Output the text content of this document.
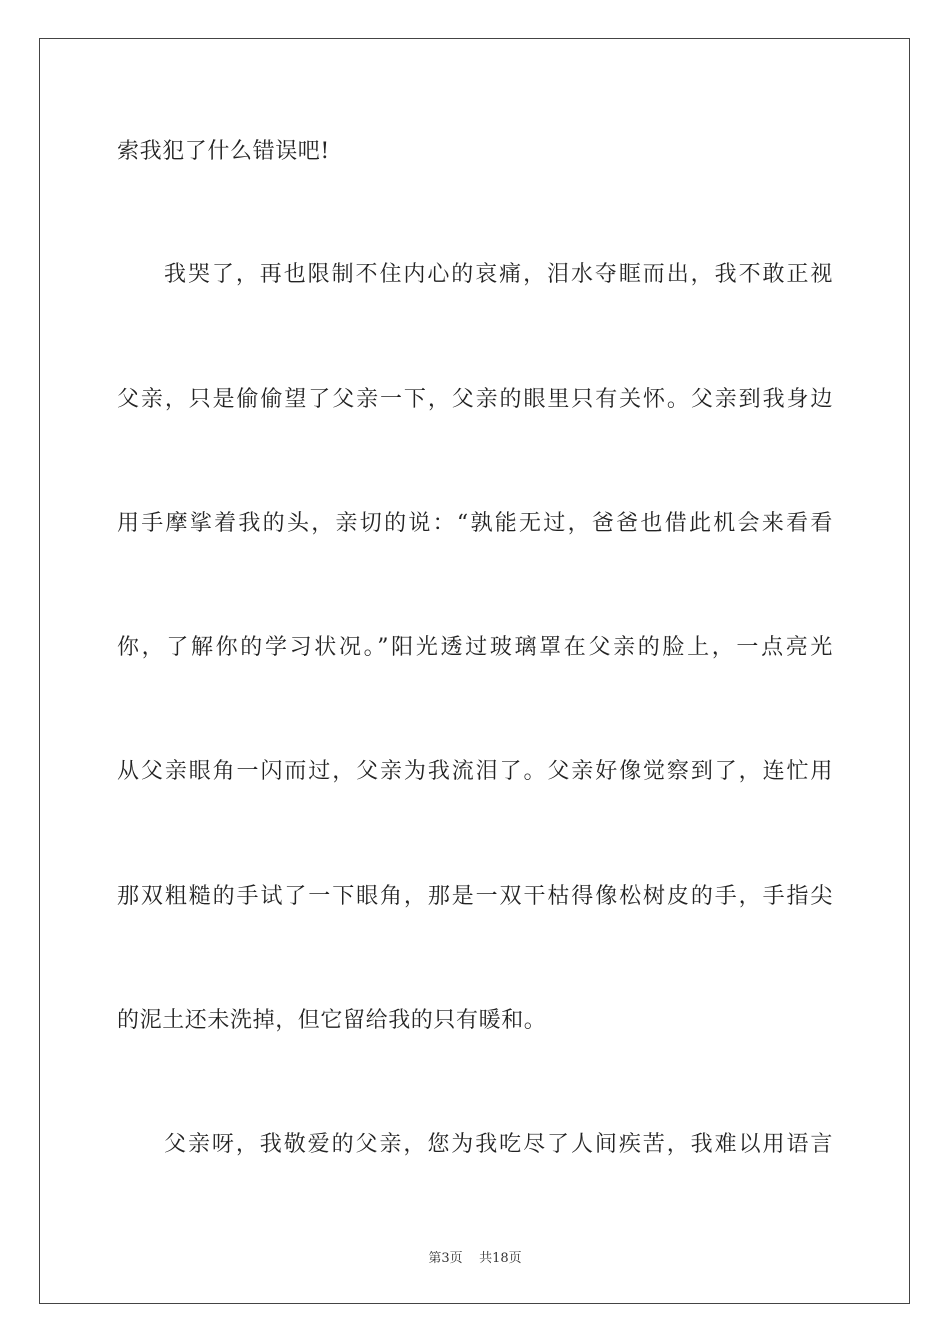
索我犯了什么错误吧!
我哭了，再也限制不住内心的哀痛，泪水夺眶而出，我不敢正视
父亲，只是偷偷望了父亲一下，父亲的眼里只有关怀。父亲到我身边
用手摩挲着我的头，亲切的说：“孰能无过，爸爸也借此机会来看看
你，了解你的学习状况。”阳光透过玻璃罩在父亲的脸上，一点亮光
从父亲眼角一闪而过，父亲为我流泪了。父亲好像觉察到了，连忙用
那双粗糙的手试了一下眼角，那是一双干枯得像松树皮的手，手指尖
的泥土还未洗掉，但它留给我的只有暖和。
父亲呀，我敬爱的父亲，您为我吃尽了人间疾苦，我难以用语言
第3页 共18页
